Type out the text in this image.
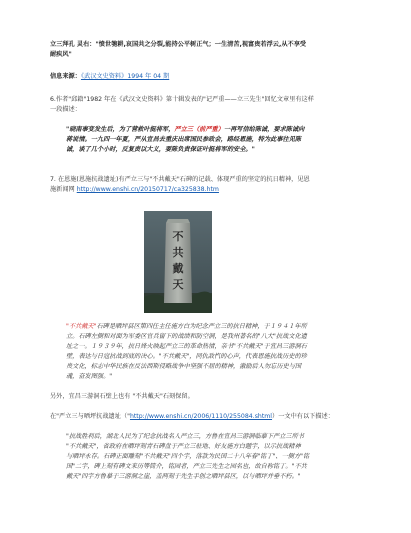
立三拜孔 灵右："愤世匏耕,哀国共之分裂,能持公平树正气；一生清苦,视富贵若浮云,从不享受

耐疾风"

信息来源：《武汉文史资料》1994 年 04 期

6.作者"邱籍"1982 年在《武汉文史资料》第十辑发表的"记严重——立三先生"回忆文章里有这样

一段描述：

"晓南事变发生后，为了营救叶挺将军，严立三（前严重）一再写信给陈诚，要求陈诚向

蒋说情。一九四一年夏，严从宜昌去重庆出席国民参政会，路经恩施，特为此事往见陈

诚，谈了几个小时，反复责以大义，要陈负责保证叶挺将军的安全。"

7. 在恩施(恩施抗战遗址)有严立三与"不共戴天"石碑的记载、体现严重的坚定的抗日精神，见恩

施新闻网 http://www.enshi.cn/20150717/ca325838.htm

"不共戴天"石碑是晒坪县区第四任主任施方白为纪念严立三的抗日精神，于１９４１年所

立。石碑左侧和对面为军委区官兵留下的战绩和防空洞，是我州著名的"八大"抗战文化遗

址之一。１９３９年，抗日烽火映起严立三的革命热情，亲书"不共戴天"于宜昌三游洞石

壁，表达与日寇抗战到底的决心。"不共戴天"，同仇敌忾的心声，代表恩施抗战历史的珍

贵文化，标志中华民族在反法西斯侵略战争中坚强不屈的精神，激励后人勿忘历史与国

魂，奋发图强。"

另外，宜昌三游洞石壁上也有 "不共戴天"石刻保留。

在"严立三与晒坪抗战遗址（"http://www.enshi.cn/2006/1110/255084.shtml）一文中有以下描述：

"抗战胜利后，湖北人民为了纪念抗战名人严立三，方鲁在宜昌三游洞临摹下严立三所书

"不共戴天"，省政府在晒坪刻青石碑盘于严立三驻地、好友施方白题字，以示抗战精神

与晒坪永存。石碑正面雕刻"不共戴天"四个字，落款为民国二十八年春"铭丁"、一侧方"铭

国"二字，碑上刻有碑文来历等简介，铭园者，严立三先生之园名也，故自称铭丁。"不共

戴天"四字方鲁摹于三游洞之崖，盖两刻于先生手创之晒坪县区，以与晒坪并垂不朽。"

不
共
戴
天
